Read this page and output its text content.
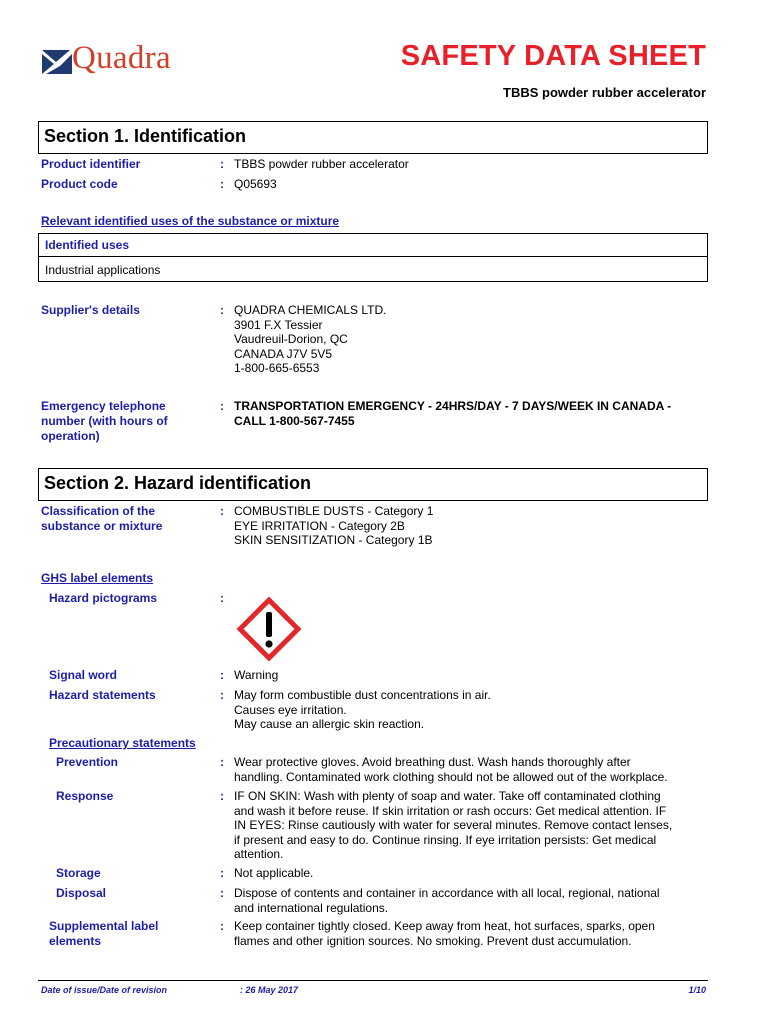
Quadra	SAFETY DATA SHEET
TBBS powder rubber accelerator
Section 1. Identification
Product identifier	: TBBS powder rubber accelerator
Product code	: Q05693
Relevant identified uses of the substance or mixture
Identified uses
Industrial applications
Supplier's details	: QUADRA CHEMICALS LTD.
3901 F.X Tessier
Vaudreuil-Dorion, QC
CANADA J7V 5V5
1-800-665-6553
Emergency telephone
number (with hours of
operation)
: TRANSPORTATION EMERGENCY - 24HRS/DAY - 7 DAYS/WEEK IN CANADA -
CALL 1-800-567-7455
Section 2. Hazard identification
Classification of the
substance or mixture
: COMBUSTIBLE DUSTS - Category 1
EYE IRRITATION - Category 2B
SKIN SENSITIZATION - Category 1B
GHS label elements
Hazard pictograms	:
Signal word	: Warning
Hazard statements	: May form combustible dust concentrations in air.
Causes eye irritation.
May cause an allergic skin reaction.
Precautionary statements
Prevention	: Wear protective gloves. Avoid breathing dust. Wash hands thoroughly after
handling. Contaminated work clothing should not be allowed out of the workplace.
Response	: IF ON SKIN: Wash with plenty of soap and water. Take off contaminated clothing
and wash it before reuse. If skin irritation or rash occurs: Get medical attention. IF
IN EYES: Rinse cautiously with water for several minutes. Remove contact lenses,
if present and easy to do. Continue rinsing. If eye irritation persists: Get medical
attention.
Storage	: Not applicable.
Disposal	: Dispose of contents and container in accordance with all local, regional, national
and international regulations.
Supplemental label
elements
: Keep container tightly closed. Keep away from heat, hot surfaces, sparks, open
flames and other ignition sources. No smoking. Prevent dust accumulation.
Date of issue/Date of revision	: 26 May 2017	1/10
